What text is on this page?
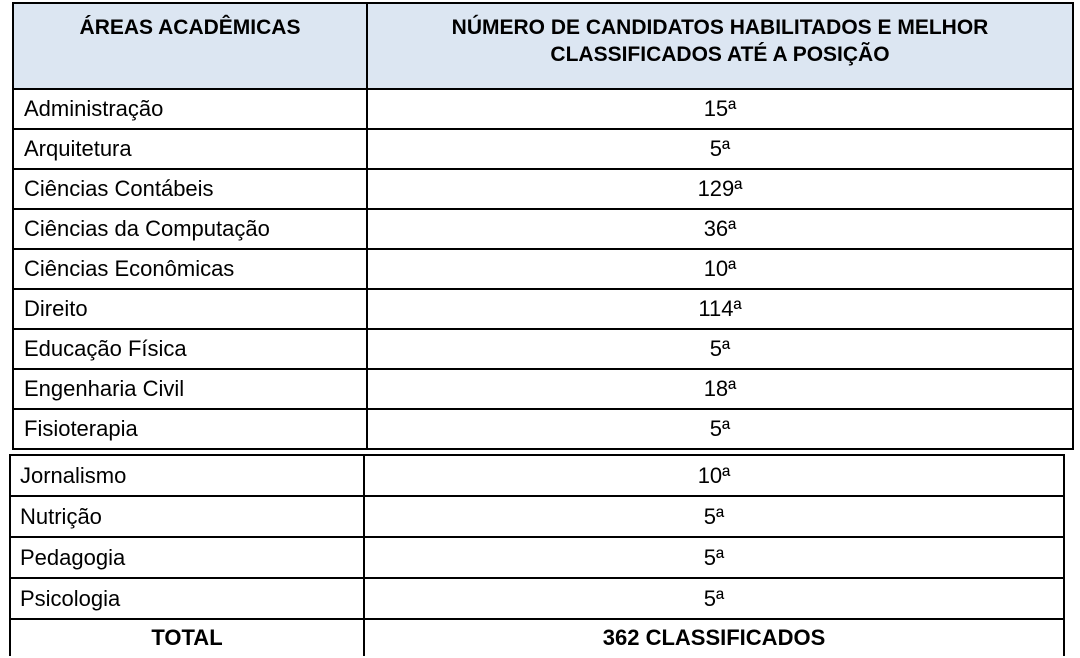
ÁREAS ACADÊMICAS	NÚMERO DE CANDIDATOS HABILITADOS E MELHOR CLASSIFICADOS ATÉ A POSIÇÃO
Administração	15ª
Arquitetura	5ª
Ciências Contábeis	129ª
Ciências da Computação	36ª
Ciências Econômicas	10ª
Direito	114ª
Educação Física	5ª
Engenharia Civil	18ª
Fisioterapia	5ª
Jornalismo	10ª
Nutrição	5ª
Pedagogia	5ª
Psicologia	5ª
TOTAL	362 CLASSIFICADOS
